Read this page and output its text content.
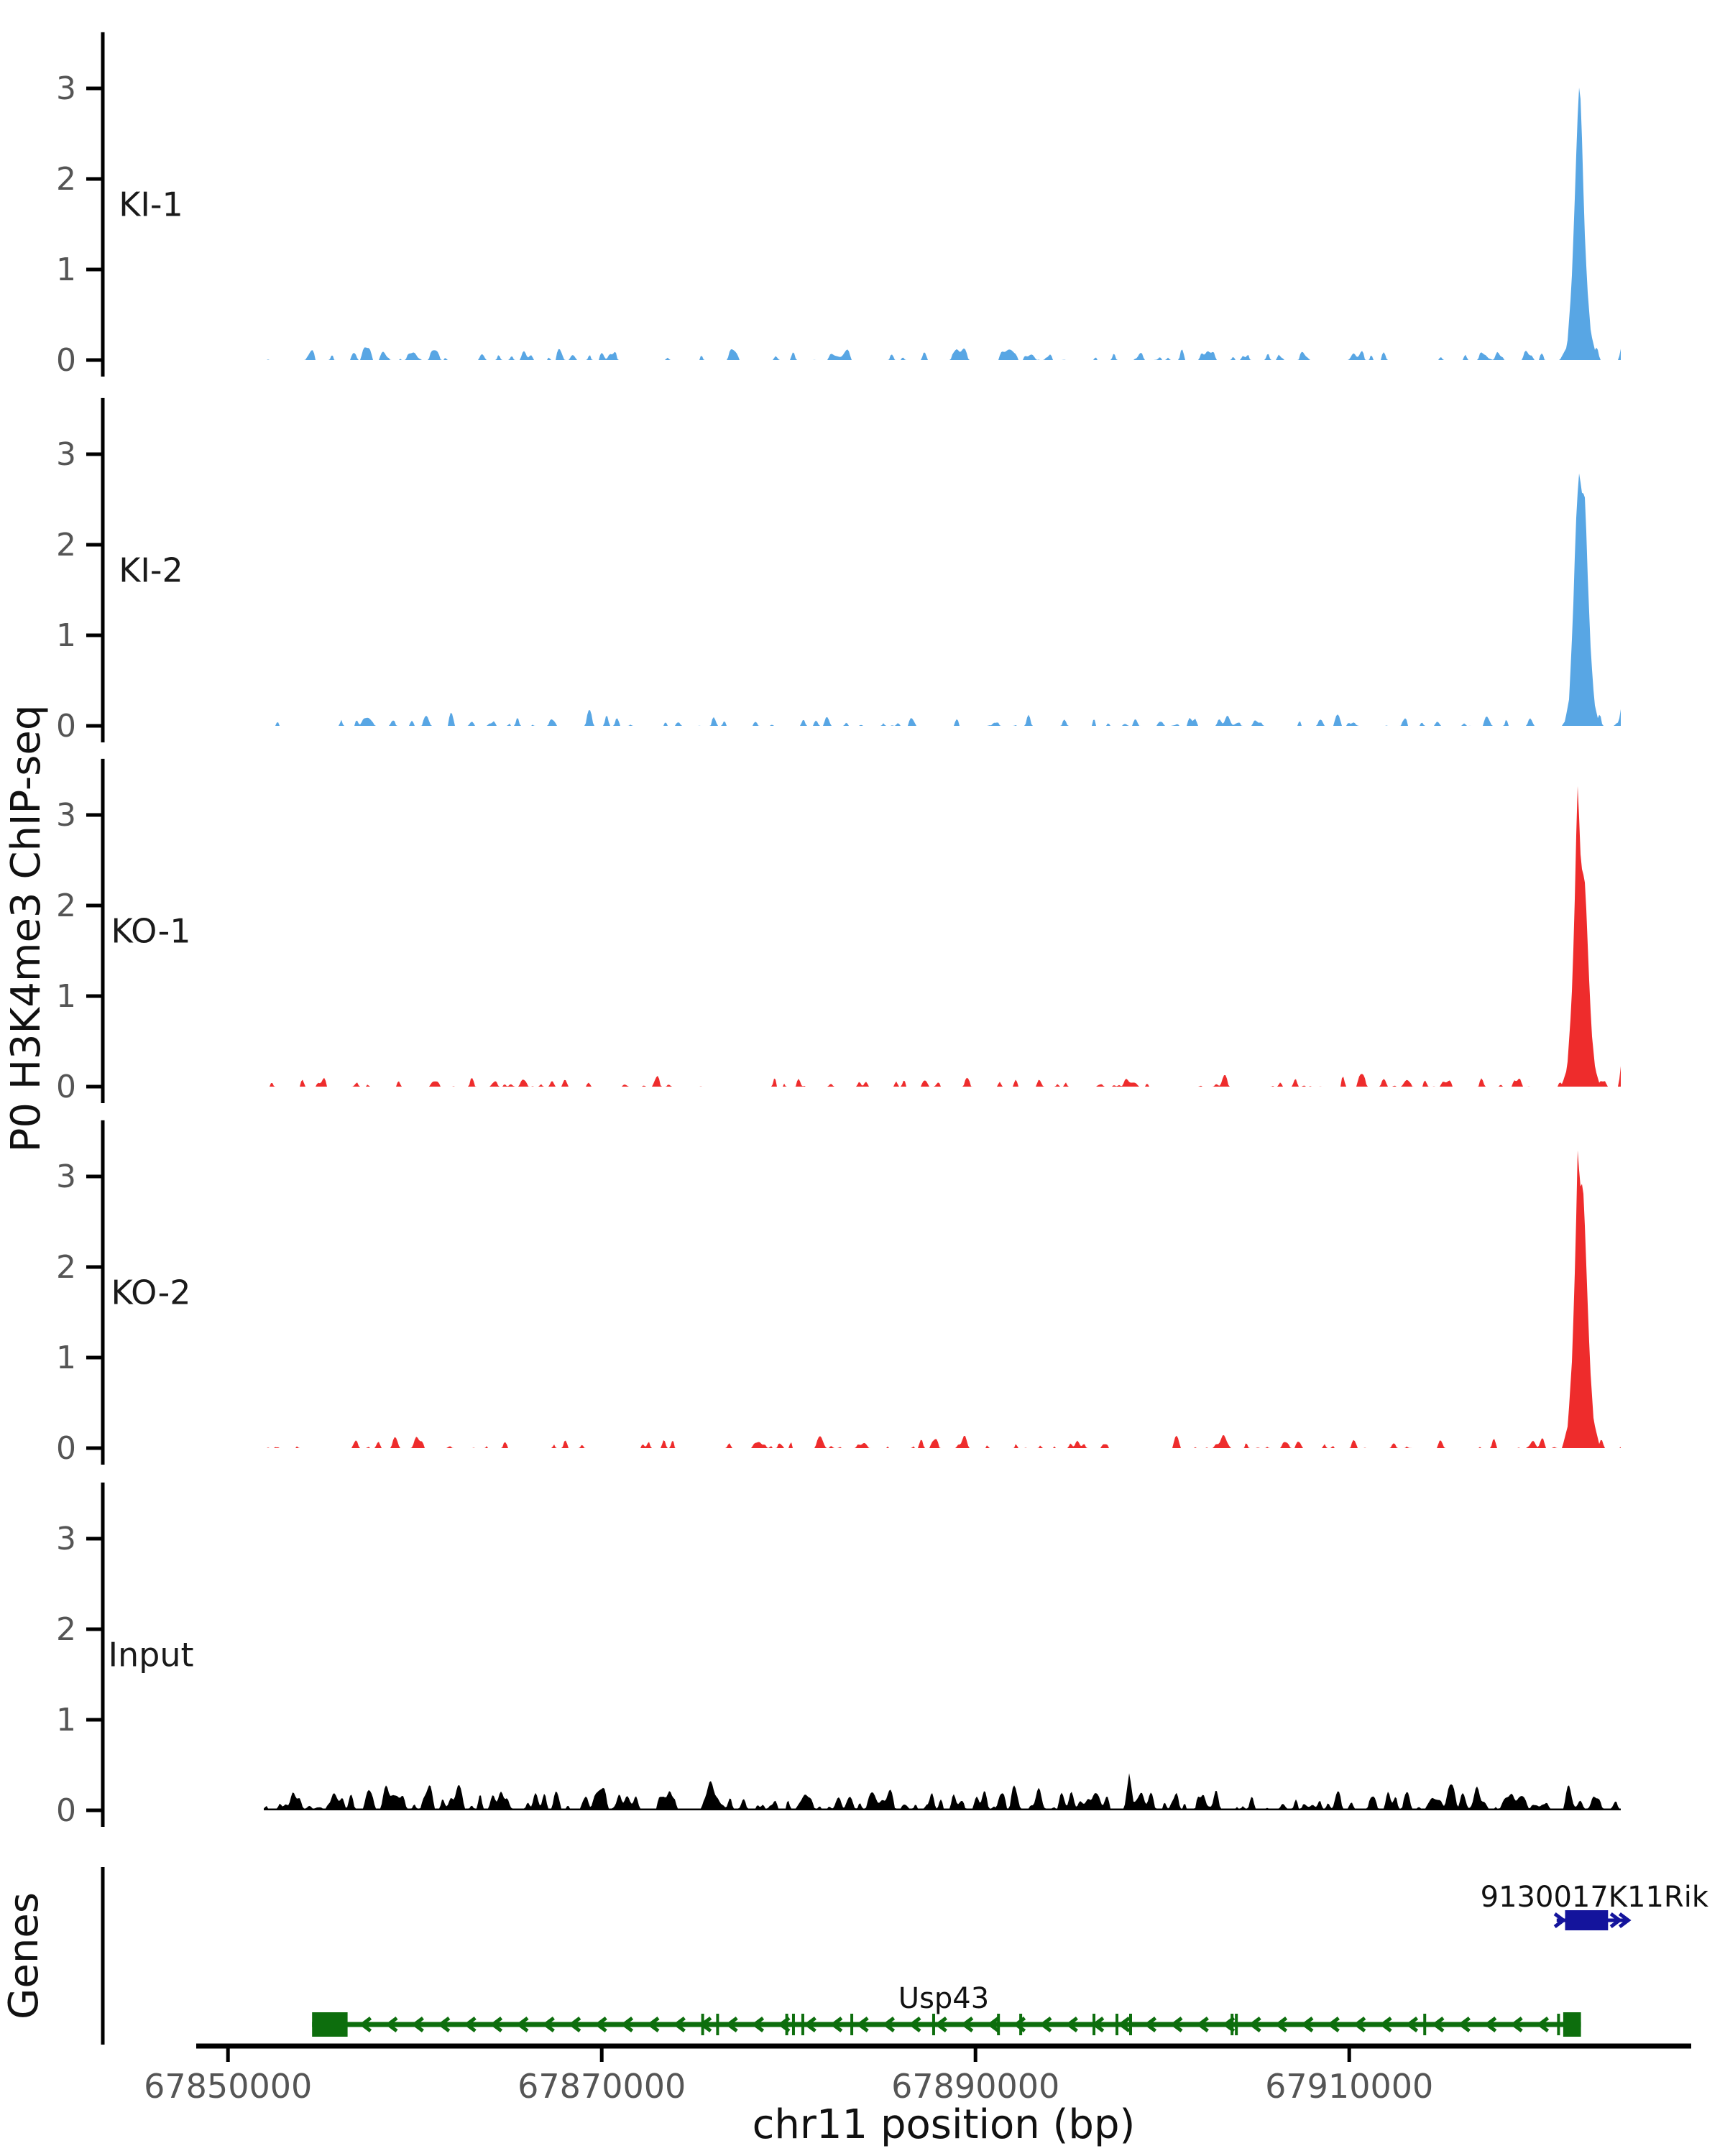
0
1
2
3
KI-1
0
1
2
3
KI-2
0
1
2
3
KO-1
0
1
2
3
KO-2
0
1
2
3
Input
P0 H3K4me3 ChIP-seq
Genes	Usp43
9130017K11Rik
67850000	67870000	67890000	67910000
chr11 position (bp)
